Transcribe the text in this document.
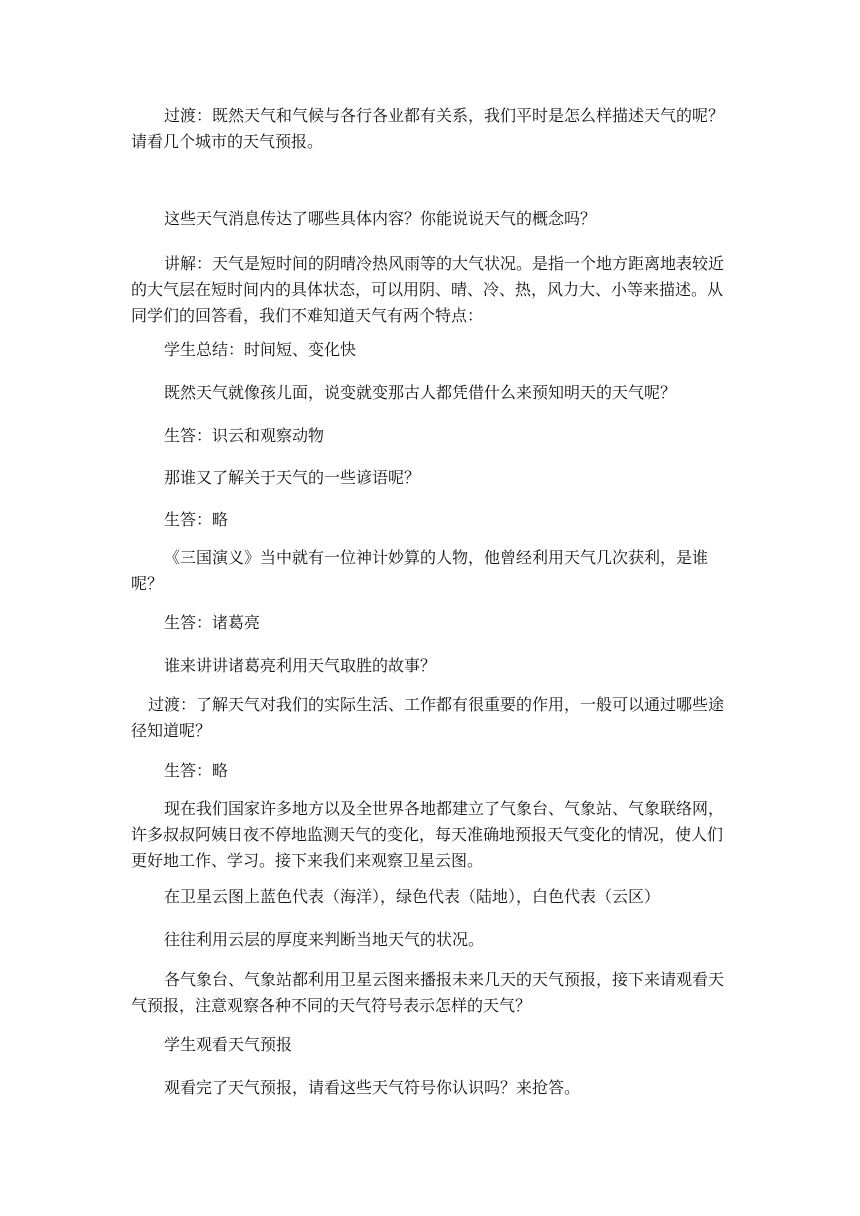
过渡：既然天气和气候与各行各业都有关系，我们平时是怎么样描述天气的呢？请看几个城市的天气预报。

这些天气消息传达了哪些具体内容？你能说说天气的概念吗？

讲解：天气是短时间的阴晴冷热风雨等的大气状况。是指一个地方距离地表较近的大气层在短时间内的具体状态，可以用阴、晴、冷、热，风力大、小等来描述。从同学们的回答看，我们不难知道天气有两个特点：

学生总结：时间短、变化快

既然天气就像孩儿面，说变就变那古人都凭借什么来预知明天的天气呢？

生答：识云和观察动物

那谁又了解关于天气的一些谚语呢？

生答：略

《三国演义》当中就有一位神计妙算的人物，他曾经利用天气几次获利，是谁呢？

生答：诸葛亮

谁来讲讲诸葛亮利用天气取胜的故事？

过渡：了解天气对我们的实际生活、工作都有很重要的作用，一般可以通过哪些途径知道呢？

生答：略

现在我们国家许多地方以及全世界各地都建立了气象台、气象站、气象联络网，许多叔叔阿姨日夜不停地监测天气的变化，每天准确地预报天气变化的情况，使人们更好地工作、学习。接下来我们来观察卫星云图。

在卫星云图上蓝色代表（海洋），绿色代表（陆地），白色代表（云区）

往往利用云层的厚度来判断当地天气的状况。

各气象台、气象站都利用卫星云图来播报未来几天的天气预报，接下来请观看天气预报，注意观察各种不同的天气符号表示怎样的天气？

学生观看天气预报

观看完了天气预报，请看这些天气符号你认识吗？来抢答。
